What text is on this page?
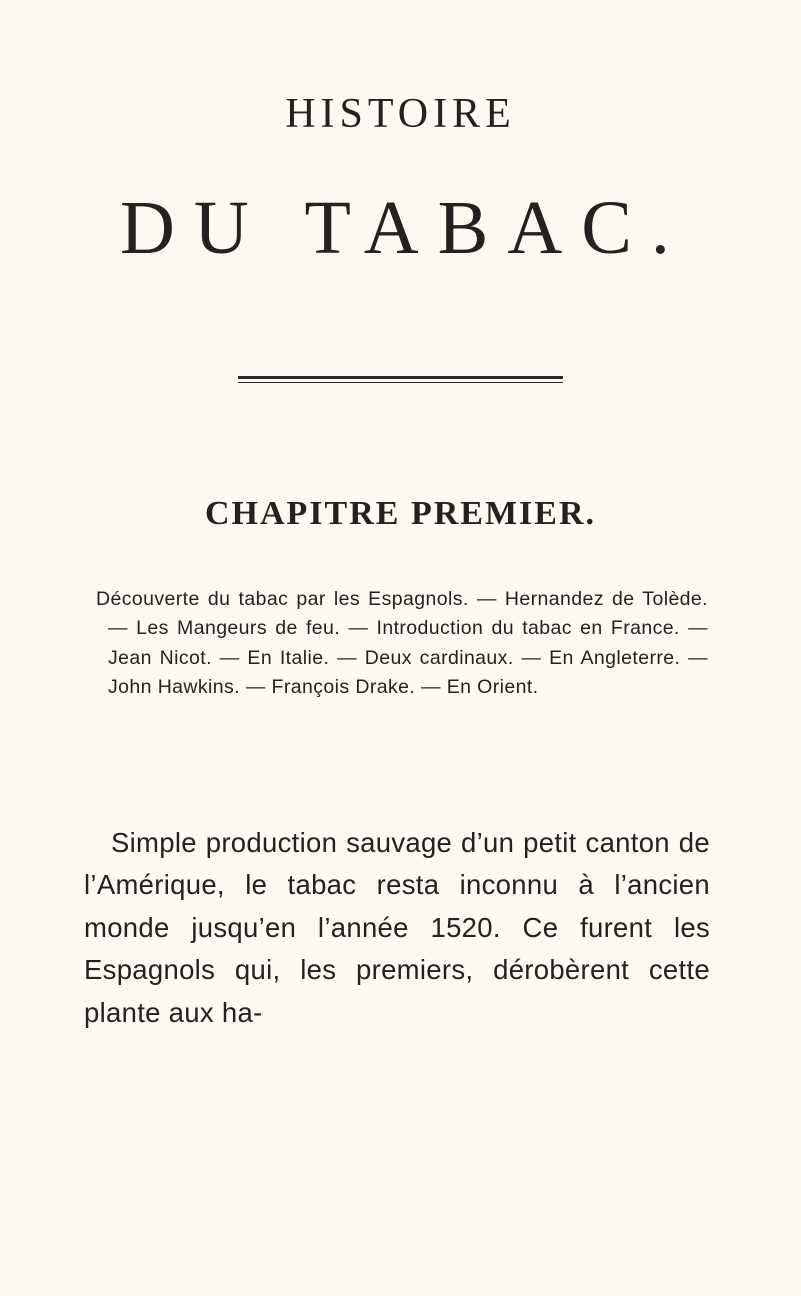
HISTOIRE
DU TABAC.
CHAPITRE PREMIER.

Découverte du tabac par les Espagnols. — Hernandez de Tolède. — Les Mangeurs de feu. — Introduction du tabac en France. — Jean Nicot. — En Italie. — Deux cardinaux. — En Angleterre. — John Hawkins. — François Drake. — En Orient.

Simple production sauvage d’un petit canton de l’Amérique, le tabac resta inconnu à l’ancien monde jusqu’en l’année 1520. Ce furent les Espagnols qui, les premiers, dérobèrent cette plante aux ha-
